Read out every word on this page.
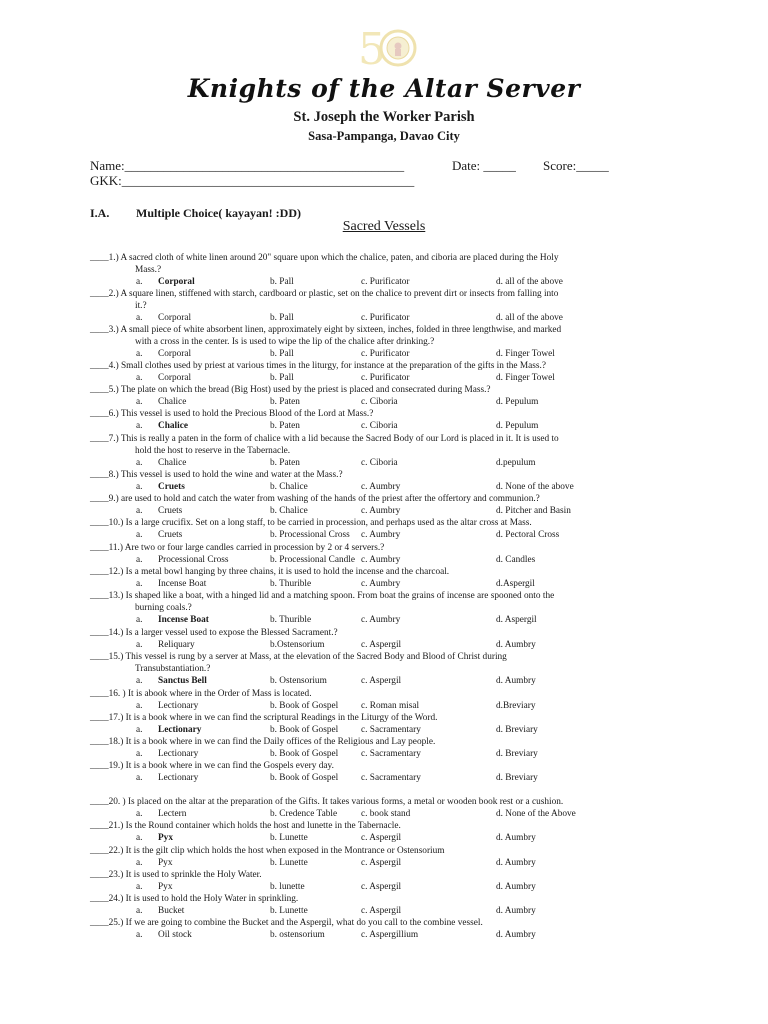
5
Knights of the Altar Server
St. Joseph the Worker Parish
Sasa-Pampanga, Davao City
Name:___________________________________________	Date: _____ Score:_____
GKK:_____________________________________________
I.A. Multiple Choice( kayayan! :DD)
Sacred Vessels
____1.) A sacred cloth of white linen around 20" square upon which the chalice, paten, and ciboria are placed during the Holy
Mass.?
a. Corporal	b. Pall	c. Purificator	d. all of the above
____2.) A square linen, stiffened with starch, cardboard or plastic, set on the chalice to prevent dirt or insects from falling into
it.?
a. Corporal	b. Pall	c. Purificator	d. all of the above
____3.) A small piece of white absorbent linen, approximately eight by sixteen, inches, folded in three lengthwise, and marked
with a cross in the center. Is is used to wipe the lip of the chalice after drinking.?
a. Corporal	b. Pall	c. Purificator	d. Finger Towel
____4.) Small clothes used by priest at various times in the liturgy, for instance at the preparation of the gifts in the Mass.?
a. Corporal	b. Pall	c. Purificator	d. Finger Towel
____5.) The plate on which the bread (Big Host) used by the priest is placed and consecrated during Mass.?
a. Chalice	b. Paten	c. Ciboria	d. Pepulum
____6.) This vessel is used to hold the Precious Blood of the Lord at Mass.?
a. Chalice	b. Paten	c. Ciboria	d. Pepulum
____7.) This is really a paten in the form of chalice with a lid because the Sacred Body of our Lord is placed in it. It is used to
hold the host to reserve in the Tabernacle.
a. Chalice	b. Paten	c. Ciboria	d.pepulum
____8.) This vessel is used to hold the wine and water at the Mass.?
a. Cruets	b. Chalice	c. Aumbry	d. None of the above
____9.) are used to hold and catch the water from washing of the hands of the priest after the offertory and communion.?
a. Cruets	b. Chalice	c. Aumbry	d. Pitcher and Basin
____10.) Is a large crucifix. Set on a long staff, to be carried in procession, and perhaps used as the altar cross at Mass.
a. Cruets	b. Processional Cross c. Aumbry	d. Pectoral Cross
____11.) Are two or four large candles carried in procession by 2 or 4 servers.?
a. Processional Cross	b. Processional Candle c. Aumbry	d. Candles
____12.) Is a metal bowl hanging by three chains, it is used to hold the incense and the charcoal.
a. Incense Boat	b. Thurible	c. Aumbry	d.Aspergil
____13.) Is shaped like a boat, with a hinged lid and a matching spoon. From boat the grains of incense are spooned onto the
burning coals.?
a. Incense Boat	b. Thurible	c. Aumbry	d. Aspergil
____14.) Is a larger vessel used to expose the Blessed Sacrament.?
a. Reliquary	b.Ostensorium	c. Aspergil	d. Aumbry
____15.) This vessel is rung by a server at Mass, at the elevation of the Sacred Body and Blood of Christ during
Transubstantiation.?
a. Sanctus Bell	b. Ostensorium	c. Aspergil	d. Aumbry
____16. ) It is abook where in the Order of Mass is located.
a. Lectionary	b. Book of Gospel c. Roman misal	d.Breviary
____17.) It is a book where in we can find the scriptural Readings in the Liturgy of the Word.
a. Lectionary	b. Book of Gospel c. Sacramentary	d. Breviary
____18.) It is a book where in we can find the Daily offices of the Religious and Lay people.
a. Lectionary	b. Book of Gospel c. Sacramentary	d. Breviary
____19.) It is a book where in we can find the Gospels every day.
a. Lectionary	b. Book of Gospel c. Sacramentary	d. Breviary
____20. ) Is placed on the altar at the preparation of the Gifts. It takes various forms, a metal or wooden book rest or a cushion.
a. Lectern	b. Credence Table	c. book stand	d. None of the Above
____21.) Is the Round container which holds the host and lunette in the Tabernacle.
a. Pyx	b. Lunette	c. Aspergil	d. Aumbry
____22.) It is the gilt clip which holds the host when exposed in the Montrance or Ostensorium
a. Pyx	b. Lunette	c. Aspergil	d. Aumbry
____23.) It is used to sprinkle the Holy Water.
a. Pyx	b. lunette	c. Aspergil	d. Aumbry
____24.) It is used to hold the Holy Water in sprinkling.
a. Bucket	b. Lunette	c. Aspergil	d. Aumbry
____25.) If we are going to combine the Bucket and the Aspergil, what do you call to the combine vessel.
a. Oil stock	b. ostensorium	c. Aspergillium	d. Aumbry
